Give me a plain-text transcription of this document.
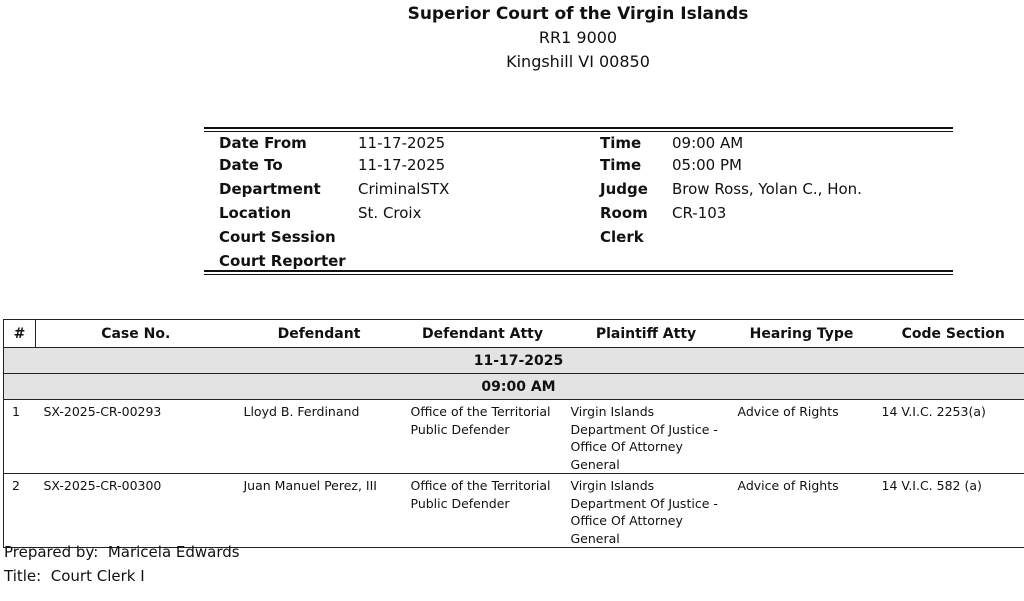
Superior Court of the Virgin Islands
RR1 9000
Kingshill VI 00850
Date From	11-17-2025
Date To	11-17-2025
Department CriminalSTX
Location	St. Croix
Court Session
Court Reporter
Time 09:00 AM
Time 05:00 PM
Judge Brow Ross, Yolan C., Hon.
Room CR-103
Clerk
#	Case No.	Defendant	Defendant Atty	Plaintiff Atty	Hearing Type	Code Section
11-17-2025						
09:00 AM						

1	SX-2025-CR-00293	Lloyd B. Ferdinand	Office of the Territorial Public Defender	Virgin Islands Department Of Justice - Office Of Attorney General	Advice of Rights	14 V.I.C. 2253(a)

2	SX-2025-CR-00300	Juan Manuel Perez, III	Office of the Territorial Public Defender	Virgin Islands Department Of Justice - Office Of Attorney General	Advice of Rights	14 V.I.C. 582 (a)
Prepared by: Maricela Edwards
Title: Court Clerk I
